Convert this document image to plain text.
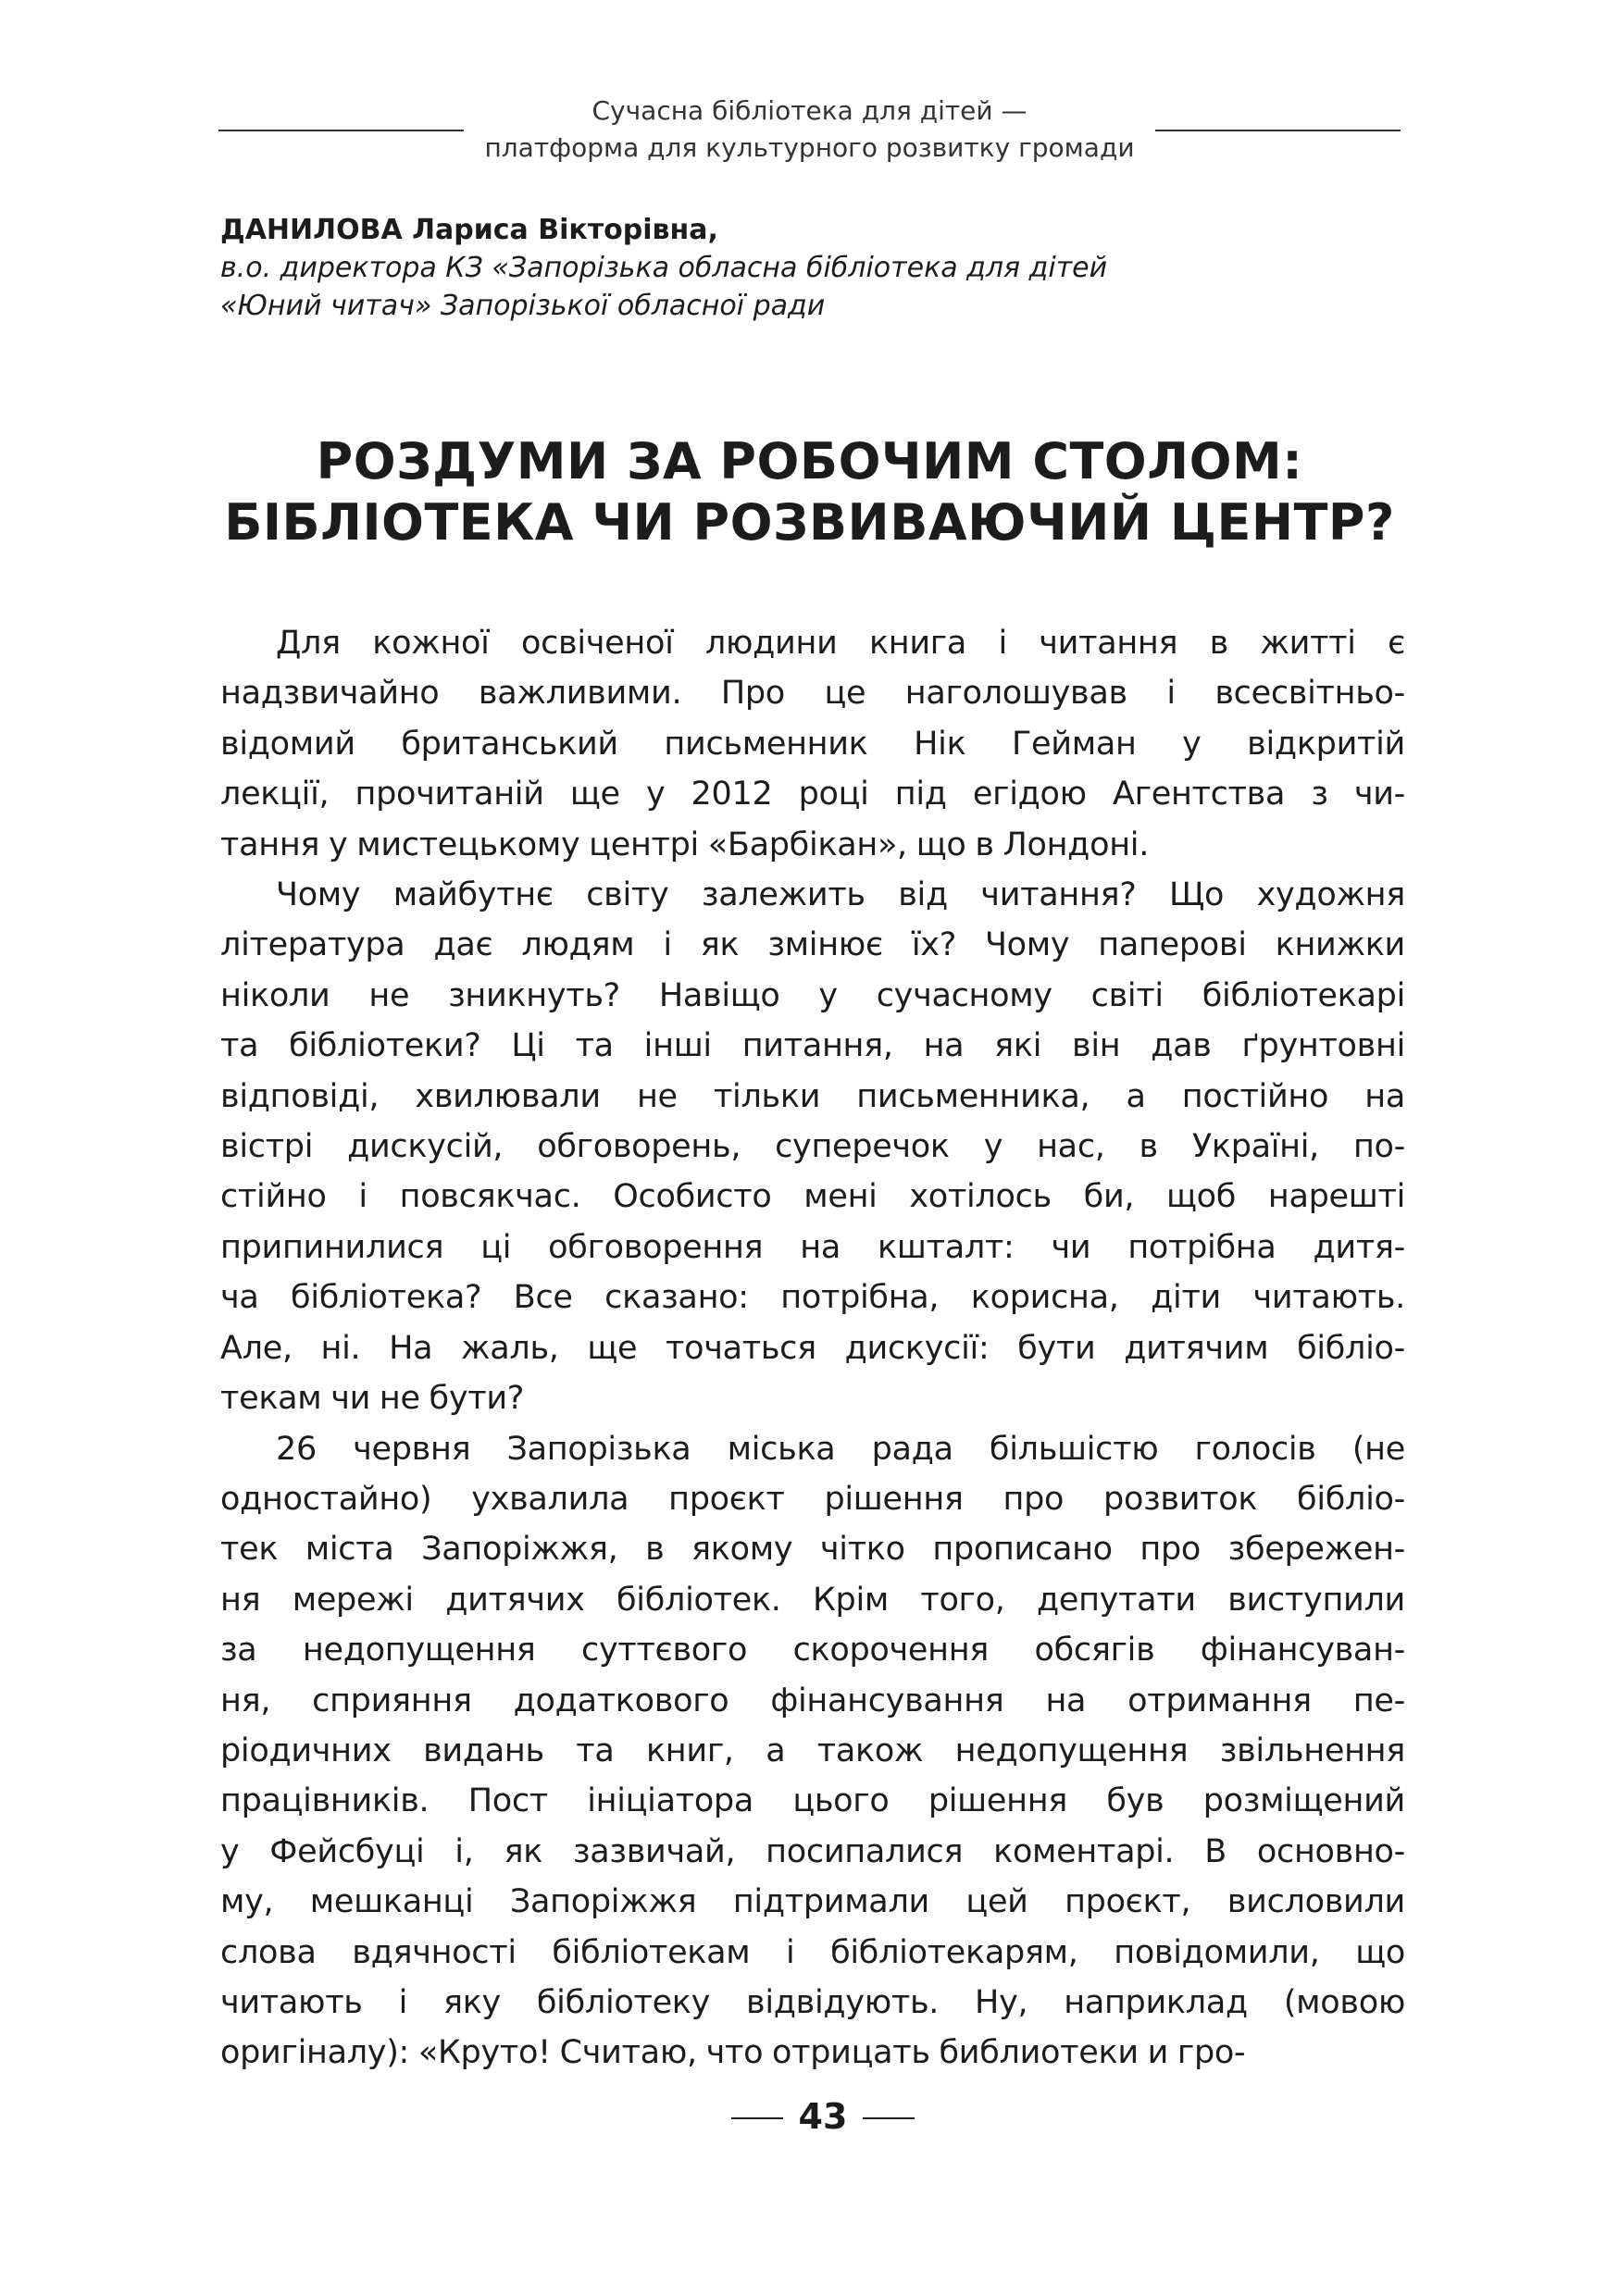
Сучасна бібліотека для дітей —
платформа для культурного розвитку громади
ДАНИЛОВА Лариса Вікторівна,
в.о. директора КЗ «Запорізька обласна бібліотека для дітей
«Юний читач» Запорізької обласної ради
РОЗДУМИ ЗА РОБОЧИМ СТОЛОМ:
БІБЛІОТЕКА ЧИ РОЗВИВАЮЧИЙ ЦЕНТР?
Для кожної освіченої людини книга і читання в житті є
надзвичайно важливими. Про це наголошував і всесвітньо-
відомий британський письменник Нік Гейман у відкритій
лекції, прочитаній ще у 2012 році під егідою Агентства з чи-
тання у мистецькому центрі «Барбікан», що в Лондоні.
Чому майбутнє світу залежить від читання? Що художня
література дає людям і як змінює їх? Чому паперові книжки
ніколи не зникнуть? Навіщо у сучасному світі бібліотекарі
та бібліотеки? Ці та інші питання, на які він дав ґрунтовні
відповіді, хвилювали не тільки письменника, а постійно на
вістрі дискусій, обговорень, суперечок у нас, в Україні, по-
стійно і повсякчас. Особисто мені хотілось би, щоб нарешті
припинилися ці обговорення на кшталт: чи потрібна дитя-
ча бібліотека? Все сказано: потрібна, корисна, діти читають.
Але, ні. На жаль, ще точаться дискусії: бути дитячим бібліо-
текам чи не бути?
26 червня Запорізька міська рада більшістю голосів (не
одностайно) ухвалила проєкт рішення про розвиток бібліо-
тек міста Запоріжжя, в якому чітко прописано про збережен-
ня мережі дитячих бібліотек. Крім того, депутати виступили
за недопущення суттєвого скорочення обсягів фінансуван-
ня, сприяння додаткового фінансування на отримання пе-
ріодичних видань та книг, а також недопущення звільнення
працівників. Пост ініціатора цього рішення був розміщений
у Фейсбуці і, як зазвичай, посипалися коментарі. В основно-
му, мешканці Запоріжжя підтримали цей проєкт, висловили
слова вдячності бібліотекам і бібліотекарям, повідомили, що
читають і яку бібліотеку відвідують. Ну, наприклад (мовою
оригіналу): «Круто! Считаю, что отрицать библиотеки и гро-
43
